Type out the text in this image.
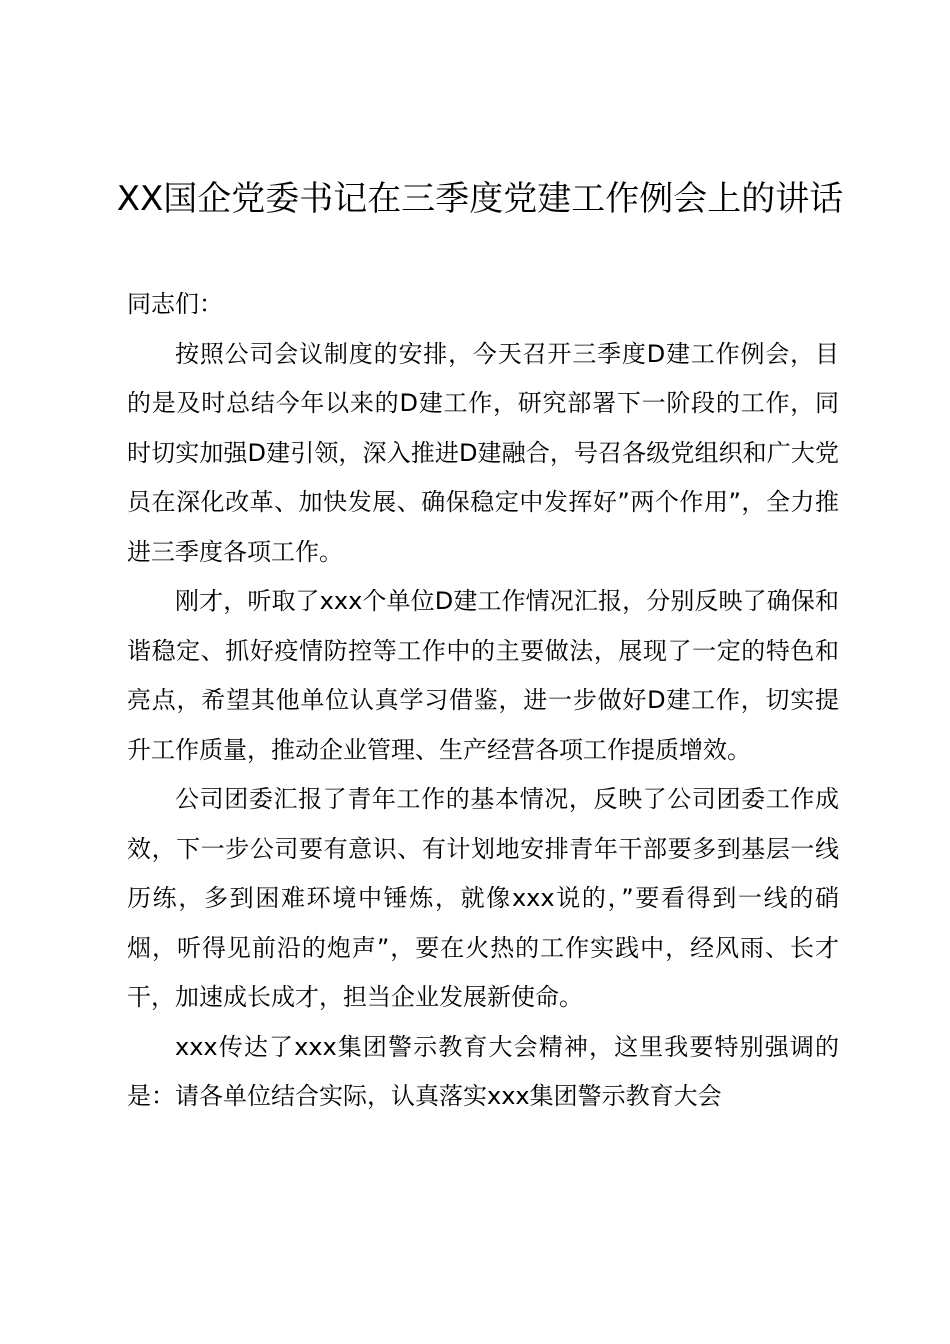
XX国企党委书记在三季度党建工作例会上的讲话

同志们：

按照公司会议制度的安排，今天召开三季度D建工作例会，目的是及时总结今年以来的D建工作，研究部署下一阶段的工作，同时切实加强D建引领，深入推进D建融合，号召各级党组织和广大党员在深化改革、加快发展、确保稳定中发挥好”两个作用”，全力推进三季度各项工作。

刚才，听取了xxx个单位D建工作情况汇报，分别反映了确保和谐稳定、抓好疫情防控等工作中的主要做法，展现了一定的特色和亮点，希望其他单位认真学习借鉴，进一步做好D建工作，切实提升工作质量，推动企业管理、生产经营各项工作提质增效。

公司团委汇报了青年工作的基本情况，反映了公司团委工作成效，下一步公司要有意识、有计划地安排青年干部要多到基层一线历练，多到困难环境中锤炼，就像xxx说的，”要看得到一线的硝烟，听得见前沿的炮声”，要在火热的工作实践中，经风雨、长才干，加速成长成才，担当企业发展新使命。

xxx传达了xxx集团警示教育大会精神，这里我要特别强调的是：请各单位结合实际，认真落实xxx集团警示教育大会
